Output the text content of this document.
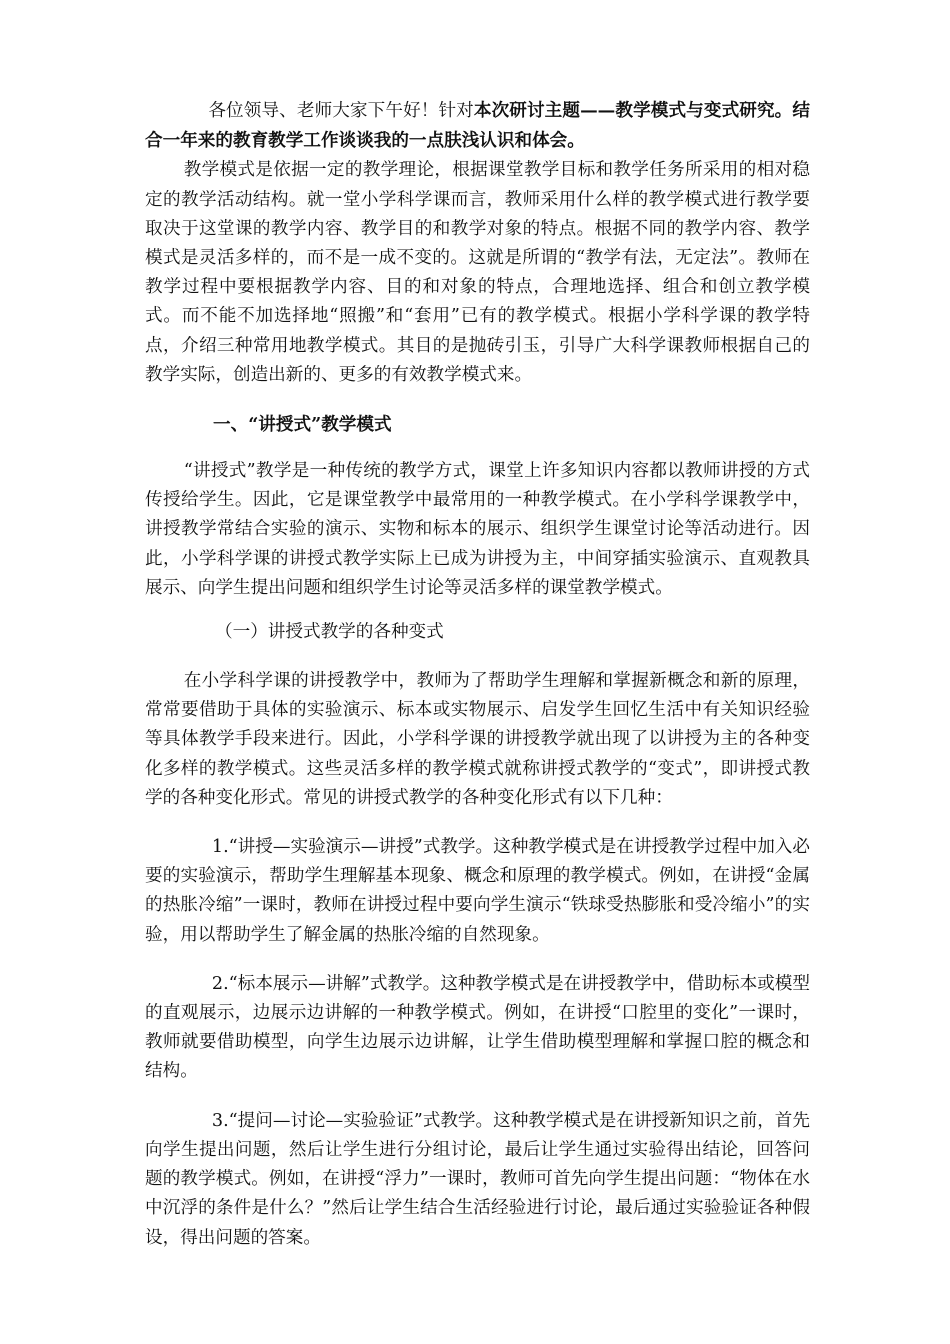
各位领导、老师大家下午好！针对本次研讨主题——教学模式与变式研究。结合一年来的教育教学工作谈谈我的一点肤浅认识和体会。

教学模式是依据一定的教学理论，根据课堂教学目标和教学任务所采用的相对稳定的教学活动结构。就一堂小学科学课而言，教师采用什么样的教学模式进行教学要取决于这堂课的教学内容、教学目的和教学对象的特点。根据不同的教学内容、教学模式是灵活多样的，而不是一成不变的。这就是所谓的“教学有法，无定法”。教师在教学过程中要根据教学内容、目的和对象的特点，合理地选择、组合和创立教学模式。而不能不加选择地“照搬”和“套用”已有的教学模式。根据小学科学课的教学特点，介绍三种常用地教学模式。其目的是抛砖引玉，引导广大科学课教师根据自己的教学实际，创造出新的、更多的有效教学模式来。

一、“讲授式”教学模式

“讲授式”教学是一种传统的教学方式，课堂上许多知识内容都以教师讲授的方式传授给学生。因此，它是课堂教学中最常用的一种教学模式。在小学科学课教学中，讲授教学常结合实验的演示、实物和标本的展示、组织学生课堂讨论等活动进行。因此，小学科学课的讲授式教学实际上已成为讲授为主，中间穿插实验演示、直观教具展示、向学生提出问题和组织学生讨论等灵活多样的课堂教学模式。

（一）讲授式教学的各种变式

在小学科学课的讲授教学中，教师为了帮助学生理解和掌握新概念和新的原理，常常要借助于具体的实验演示、标本或实物展示、启发学生回忆生活中有关知识经验等具体教学手段来进行。因此，小学科学课的讲授教学就出现了以讲授为主的各种变化多样的教学模式。这些灵活多样的教学模式就称讲授式教学的“变式”，即讲授式教学的各种变化形式。常见的讲授式教学的各种变化形式有以下几种：

1.“讲授—实验演示—讲授”式教学。这种教学模式是在讲授教学过程中加入必要的实验演示，帮助学生理解基本现象、概念和原理的教学模式。例如，在讲授“金属的热胀冷缩”一课时，教师在讲授过程中要向学生演示“铁球受热膨胀和受冷缩小”的实验，用以帮助学生了解金属的热胀冷缩的自然现象。

2.“标本展示—讲解”式教学。这种教学模式是在讲授教学中，借助标本或模型的直观展示，边展示边讲解的一种教学模式。例如，在讲授“口腔里的变化”一课时，教师就要借助模型，向学生边展示边讲解，让学生借助模型理解和掌握口腔的概念和结构。

3.“提问—讨论—实验验证”式教学。这种教学模式是在讲授新知识之前，首先向学生提出问题，然后让学生进行分组讨论，最后让学生通过实验得出结论，回答问题的教学模式。例如，在讲授“浮力”一课时，教师可首先向学生提出问题：“物体在水中沉浮的条件是什么？”然后让学生结合生活经验进行讨论，最后通过实验验证各种假设，得出问题的答案。
